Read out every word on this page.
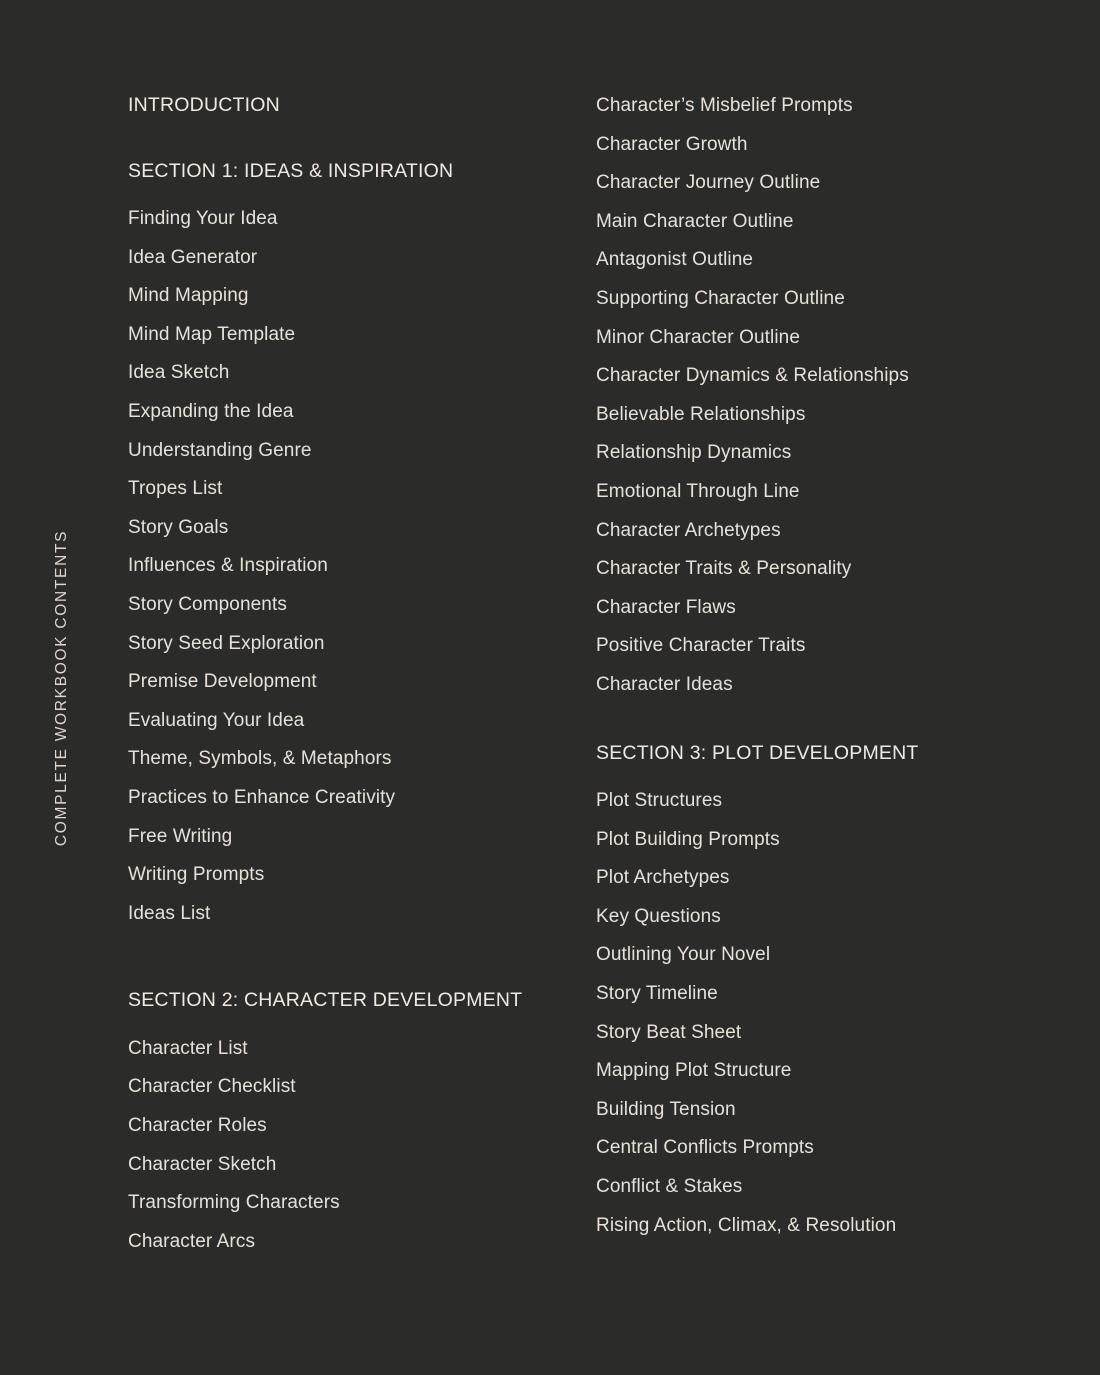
COMPLETE WORKBOOK CONTENTS
INTRODUCTION
SECTION 1: IDEAS & INSPIRATION
Finding Your Idea
Idea Generator
Mind Mapping
Mind Map Template
Idea Sketch
Expanding the Idea
Understanding Genre
Tropes List
Story Goals
Influences & Inspiration
Story Components
Story Seed Exploration
Premise Development
Evaluating Your Idea
Theme, Symbols, & Metaphors
Practices to Enhance Creativity
Free Writing
Writing Prompts
Ideas List
SECTION 2: CHARACTER DEVELOPMENT
Character List
Character Checklist
Character Roles
Character Sketch
Transforming Characters
Character Arcs
Character’s Misbelief Prompts
Character Growth
Character Journey Outline
Main Character Outline
Antagonist Outline
Supporting Character Outline
Minor Character Outline
Character Dynamics & Relationships
Believable Relationships
Relationship Dynamics
Emotional Through Line
Character Archetypes
Character Traits & Personality
Character Flaws
Positive Character Traits
Character Ideas
SECTION 3: PLOT DEVELOPMENT
Plot Structures
Plot Building Prompts
Plot Archetypes
Key Questions
Outlining Your Novel
Story Timeline
Story Beat Sheet
Mapping Plot Structure
Building Tension
Central Conflicts Prompts
Conflict & Stakes
Rising Action, Climax, & Resolution
